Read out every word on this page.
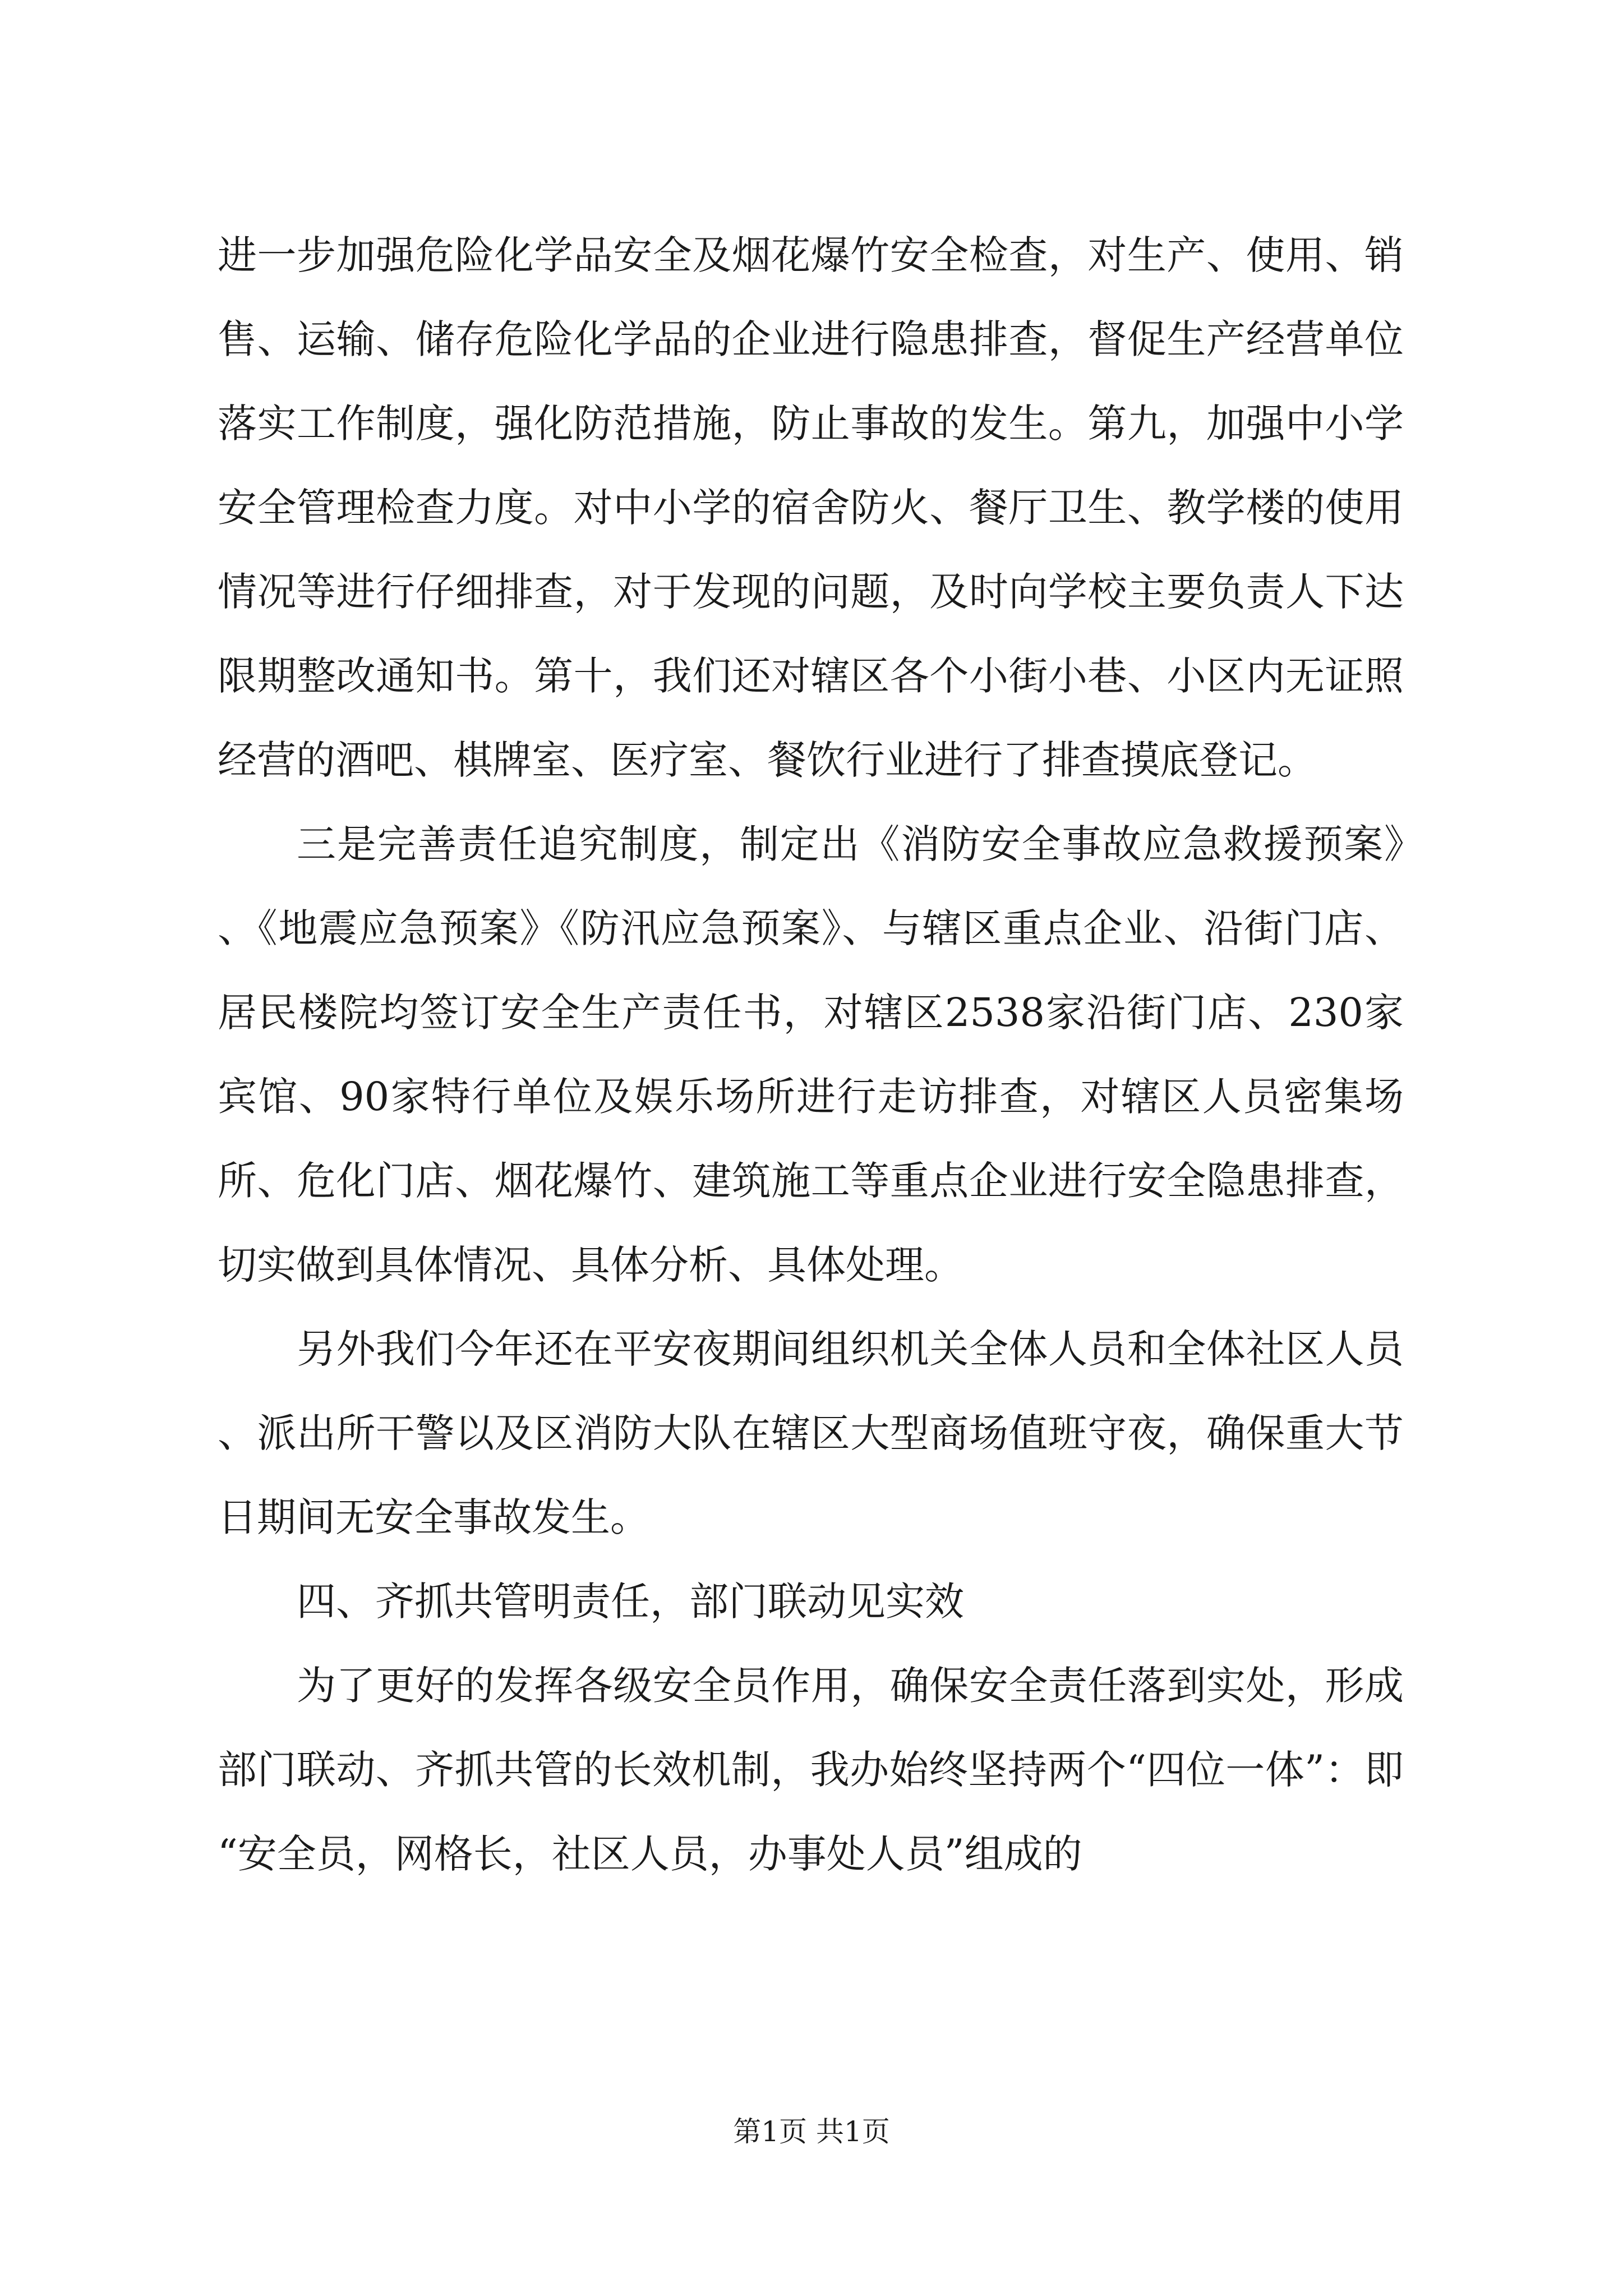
进一步加强危险化学品安全及烟花爆竹安全检查，对生产、使用、销售、运输、储存危险化学品的企业进行隐患排查，督促生产经营单位落实工作制度，强化防范措施，防止事故的发生。第九，加强中小学安全管理检查力度。对中小学的宿舍防火、餐厅卫生、教学楼的使用情况等进行仔细排查，对于发现的问题，及时向学校主要负责人下达限期整改通知书。第十，我们还对辖区各个小街小巷、小区内无证照经营的酒吧、棋牌室、医疗室、餐饮行业进行了排查摸底登记。

三是完善责任追究制度，制定出《消防安全事故应急救援预案》、《地震应急预案》《防汛应急预案》、与辖区重点企业、沿街门店、居民楼院均签订安全生产责任书，对辖区2538家沿街门店、230家宾馆、90家特行单位及娱乐场所进行走访排查，对辖区人员密集场所、危化门店、烟花爆竹、建筑施工等重点企业进行安全隐患排查，切实做到具体情况、具体分析、具体处理。

另外我们今年还在平安夜期间组织机关全体人员和全体社区人员、派出所干警以及区消防大队在辖区大型商场值班守夜，确保重大节日期间无安全事故发生。

四、齐抓共管明责任，部门联动见实效

为了更好的发挥各级安全员作用，确保安全责任落到实处，形成部门联动、齐抓共管的长效机制，我办始终坚持两个“四位一体”：即“安全员，网格长，社区人员，办事处人员”组成的

第1页 共1页
